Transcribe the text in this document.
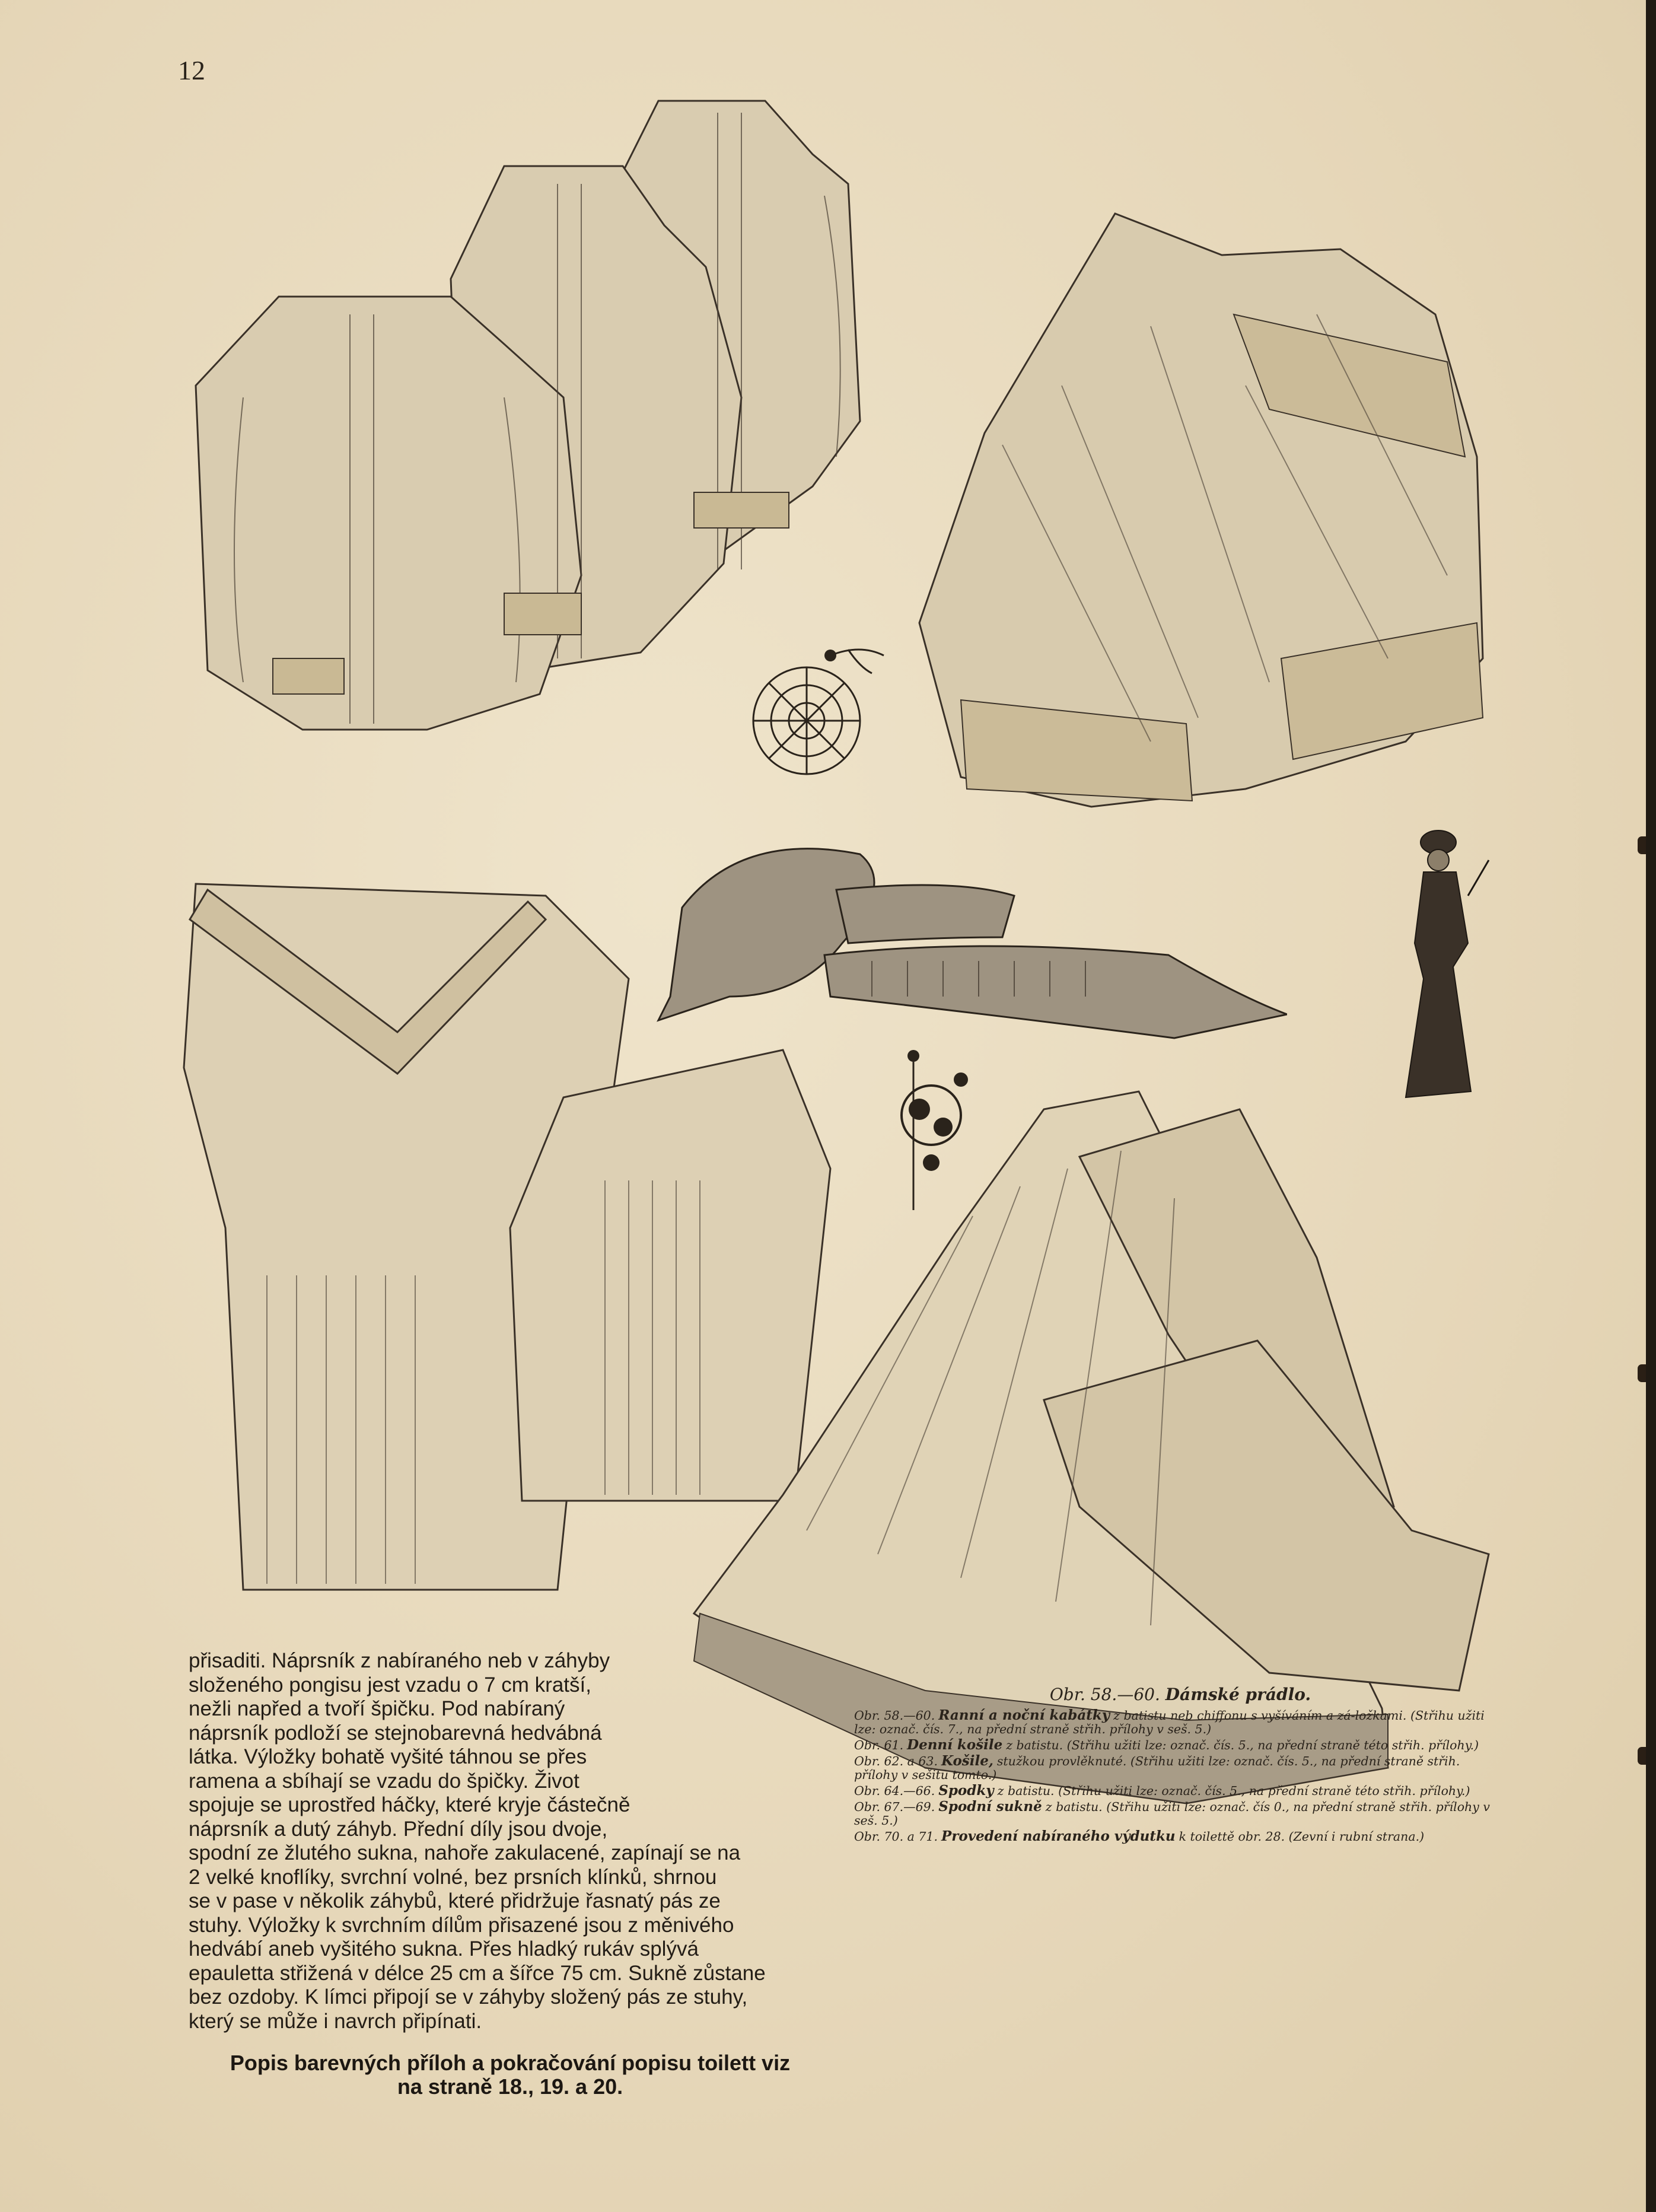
12
přisaditi. Náprsník z nabíraného neb v záhyby
složeného pongisu jest vzadu o 7 cm kratší,
nežli napřed a tvoří špičku. Pod nabíraný
náprsník podloží se stejnobarevná hedvábná
látka. Výložky bohatě vyšité táhnou se přes
ramena a sbíhají se vzadu do špičky. Život
spojuje se uprostřed háčky, které kryje částečně
náprsník a dutý záhyb. Přední díly jsou dvoje,
spodní ze žlutého sukna, nahoře zakulacené, zapínají se na
2 velké knoflíky, svrchní volné, bez prsních klínků, shrnou
se v pase v několik záhybů, které přidržuje řasnatý pás ze
stuhy. Výložky k svrchním dílům přisazené jsou z měnivého
hedvábí aneb vyšitého sukna. Přes hladký rukáv splývá
epauletta střižená v délce 25 cm a šířce 75 cm. Sukně zůstane
bez ozdoby. K límci připojí se v záhyby složený pás ze stuhy,
který se může i navrch připínati.
Popis barevných příloh a pokračování popisu toilett viz
na straně 18., 19. a 20.
Obr. 58.—60. Dámské prádlo.
Obr. 58.—60. Ranní a noční kabátky z batistu neb chiffonu s vyšíváním a zá-ložkami. (Střihu užiti lze: označ. čís. 7., na přední straně střih. přílohy v seš. 5.)
Obr. 61. Denní košile z batistu. (Střihu užiti lze: označ. čís. 5., na přední straně této střih. přílohy.)
Obr. 62. a 63. Košile, stužkou provlěknuté. (Střihu užiti lze: označ. čís. 5., na přední straně střih. přílohy v sešitu tomto.)
Obr. 64.—66. Spodky z batistu. (Střihu užiti lze: označ. čís. 5., na přední straně této střih. přílohy.)
Obr. 67.—69. Spodní sukně z batistu. (Střihu užiti lze: označ. čís 0., na přední straně střih. přílohy v seš. 5.)
Obr. 70. a 71. Provedení nabíraného výdutku k toilettě obr. 28. (Zevní i rubní strana.)
